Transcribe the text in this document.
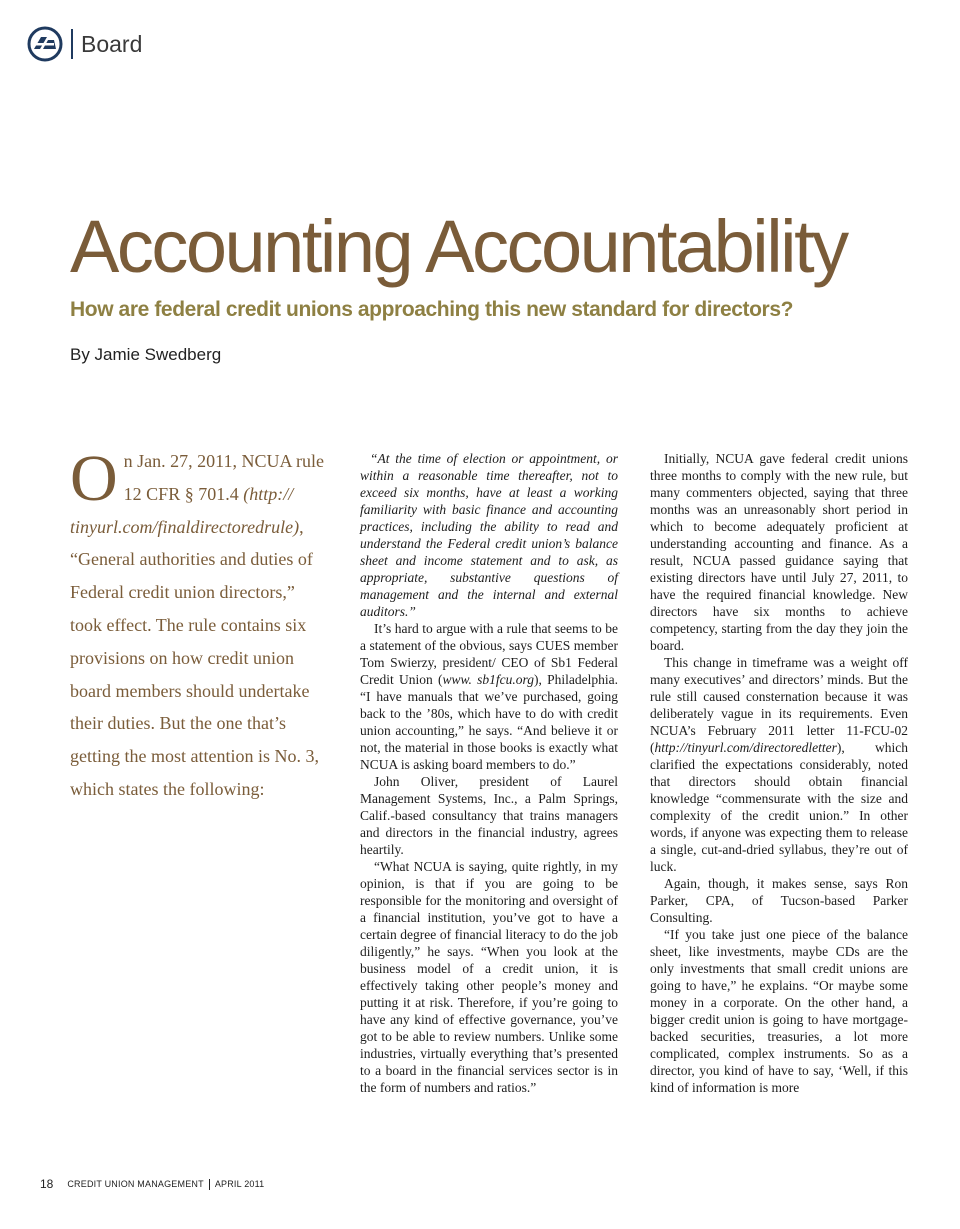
Board
Accounting Accountability
How are federal credit unions approaching this new standard for directors?
By Jamie Swedberg
On Jan. 27, 2011, NCUA rule 12 CFR § 701.4 (http:// tinyurl.com/finaldirectoredrule), “General authorities and duties of Federal credit union directors,” took effect. The rule contains six provisions on how credit union board members should undertake their duties. But the one that’s getting the most attention is No. 3, which states the following:

“At the time of election or appointment, or within a reasonable time thereafter, not to exceed six months, have at least a working familiarity with basic finance and accounting practices, including the ability to read and understand the Federal credit union’s balance sheet and income statement and to ask, as appropriate, substantive questions of management and the internal and external auditors.”

It’s hard to argue with a rule that seems to be a statement of the obvious, says CUES member Tom Swierzy, president/ CEO of Sb1 Federal Credit Union (www. sb1fcu.org), Philadelphia. “I have manuals that we’ve purchased, going back to the ’80s, which have to do with credit union accounting,” he says. “And believe it or not, the material in those books is exactly what NCUA is asking board members to do.”

John Oliver, president of Laurel Management Systems, Inc., a Palm Springs, Calif.-based consultancy that trains managers and directors in the financial industry, agrees heartily.

“What NCUA is saying, quite rightly, in my opinion, is that if you are going to be responsible for the monitoring and oversight of a financial institution, you’ve got to have a certain degree of financial literacy to do the job diligently,” he says. “When you look at the business model of a credit union, it is effectively taking other people’s money and putting it at risk. Therefore, if you’re going to have any kind of effective governance, you’ve got to be able to review numbers. Unlike some industries, virtually everything that’s presented to a board in the financial services sector is in the form of numbers and ratios.”

Initially, NCUA gave federal credit unions three months to comply with the new rule, but many commenters objected, saying that three months was an unreasonably short period in which to become adequately proficient at understanding accounting and finance. As a result, NCUA passed guidance saying that existing directors have until July 27, 2011, to have the required financial knowledge. New directors have six months to achieve competency, starting from the day they join the board.

This change in timeframe was a weight off many executives’ and directors’ minds. But the rule still caused consternation because it was deliberately vague in its requirements. Even NCUA’s February 2011 letter 11-FCU-02 (http://tinyurl.com/directoredletter), which clarified the expectations considerably, noted that directors should obtain financial knowledge “commensurate with the size and complexity of the credit union.” In other words, if anyone was expecting them to release a single, cut-and-dried syllabus, they’re out of luck.

Again, though, it makes sense, says Ron Parker, CPA, of Tucson-based Parker Consulting.

“If you take just one piece of the balance sheet, like investments, maybe CDs are the only investments that small credit unions are going to have,” he explains. “Or maybe some money in a corporate. On the other hand, a bigger credit union is going to have mortgage-backed securities, treasuries, a lot more complicated, complex instruments. So as a director, you kind of have to say, ‘Well, if this kind of information is more

18 CREDIT UNION MANAGEMENT APRIL 2011
